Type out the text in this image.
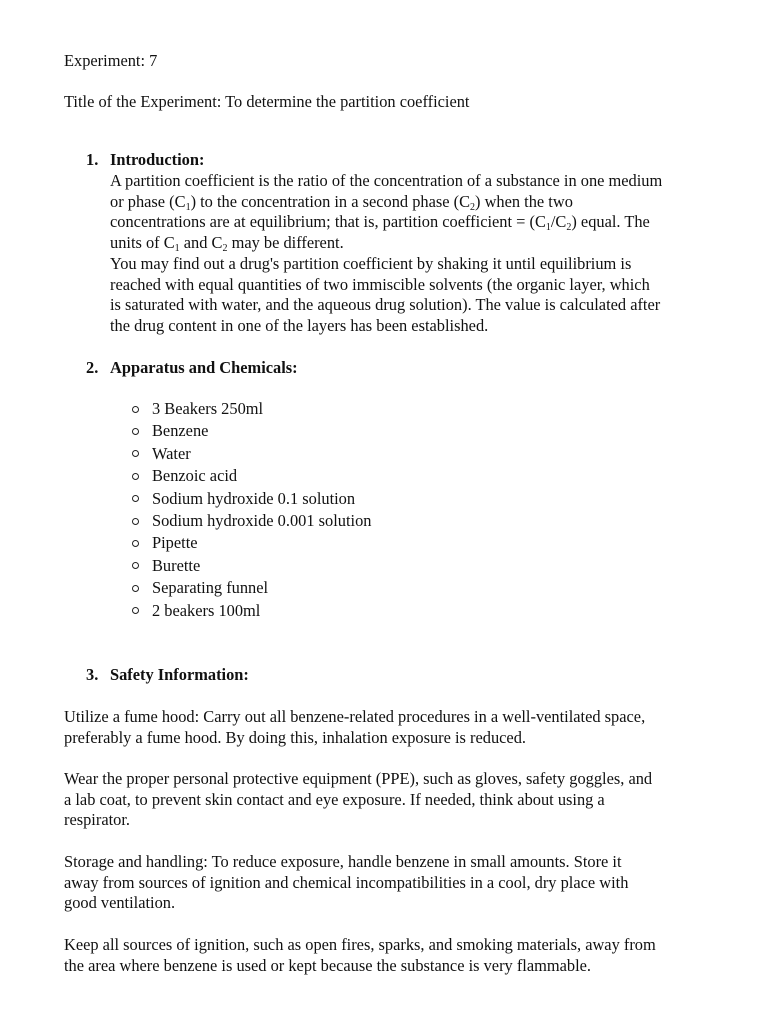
Experiment: 7
Title of the Experiment: To determine the partition coefficient
1. Introduction:
A partition coefficient is the ratio of the concentration of a substance in one medium
or phase $(C_1)$ to the concentration in a second phase $(C_2)$ when the two
concentrations are at equilibrium; that is, partition coefficient = $(C_1/C_2)$ equal. The
units of $C_1$ and $C_2$ may be different.
You may find out a drug's partition coefficient by shaking it until equilibrium is
reached with equal quantities of two immiscible solvents (the organic layer, which
is saturated with water, and the aqueous drug solution). The value is calculated after
the drug content in one of the layers has been established.
2. Apparatus and Chemicals:
3 Beakers 250ml
Benzene
Water
Benzoic acid
Sodium hydroxide 0.1 solution
Sodium hydroxide 0.001 solution
Pipette
Burette
Separating funnel
2 beakers 100ml
3. Safety Information:
Utilize a fume hood: Carry out all benzene-related procedures in a well-ventilated space,
preferably a fume hood. By doing this, inhalation exposure is reduced.
Wear the proper personal protective equipment (PPE), such as gloves, safety goggles, and
a lab coat, to prevent skin contact and eye exposure. If needed, think about using a
respirator.
Storage and handling: To reduce exposure, handle benzene in small amounts. Store it
away from sources of ignition and chemical incompatibilities in a cool, dry place with
good ventilation.
Keep all sources of ignition, such as open fires, sparks, and smoking materials, away from
the area where benzene is used or kept because the substance is very flammable.
